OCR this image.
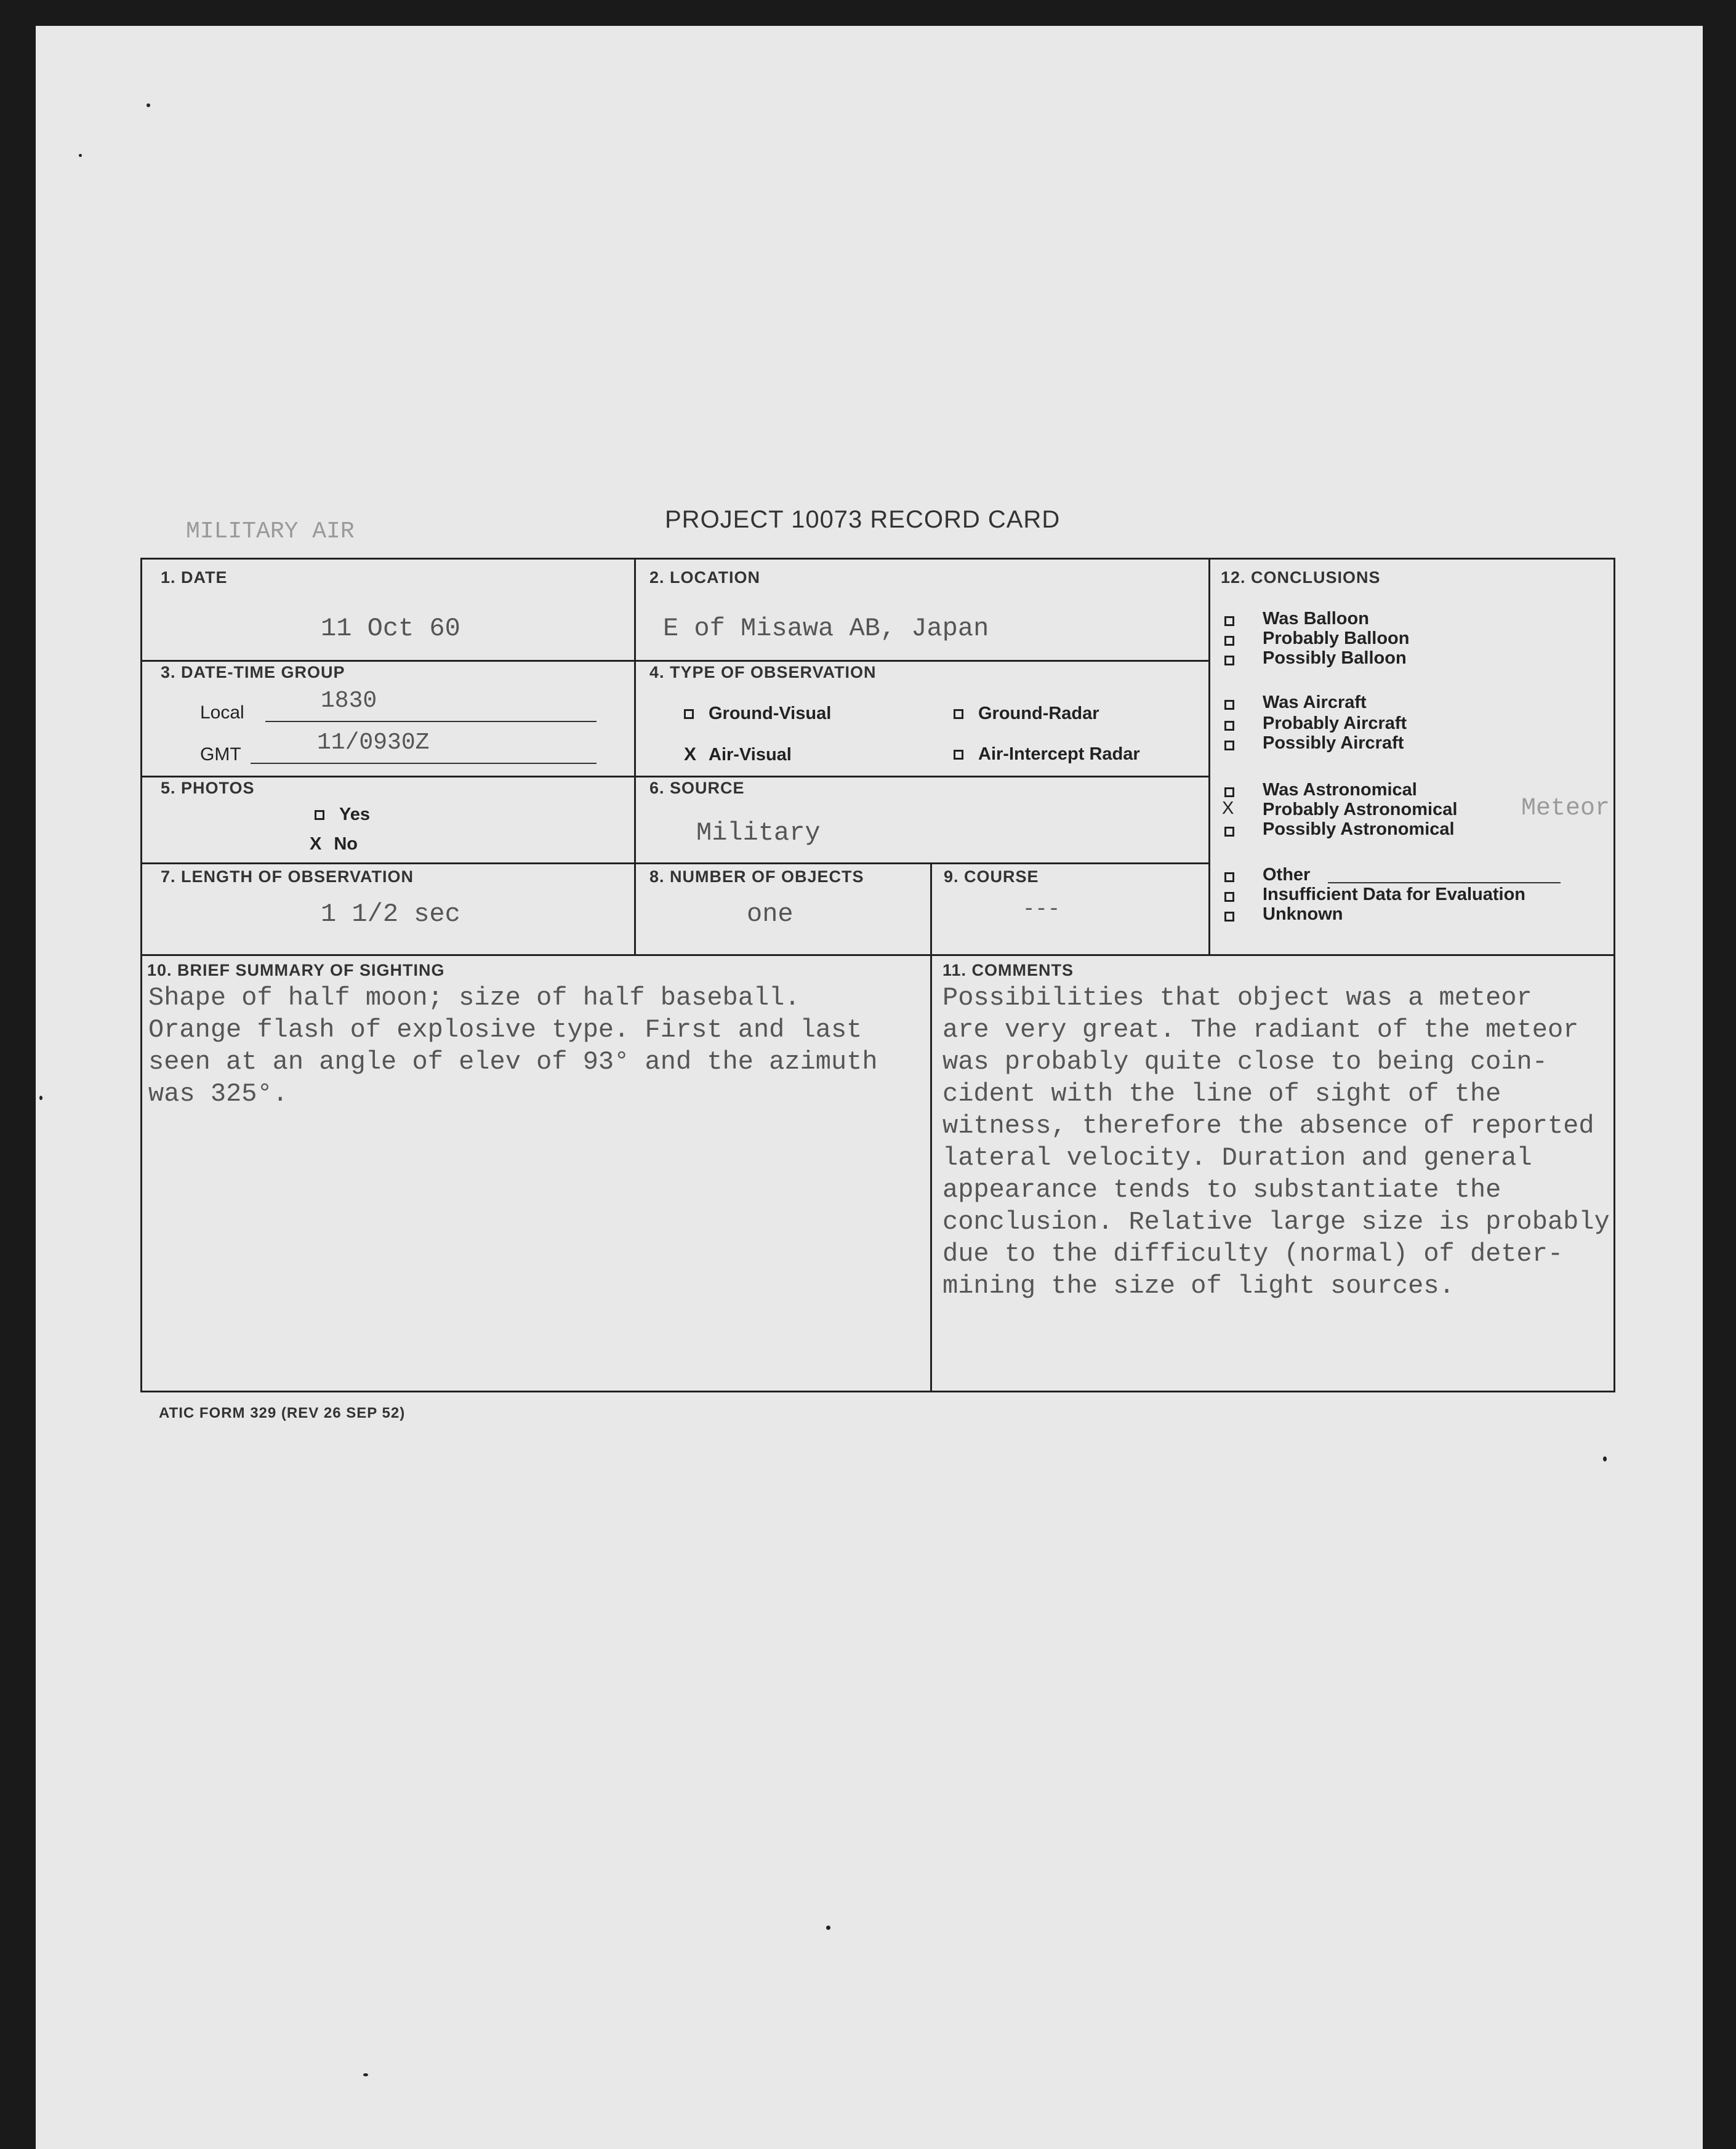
MILITARY AIR	PROJECT 10073 RECORD CARD
1. DATE
11 Oct 60
2. LOCATION
E of Misawa AB, Japan
3. DATE-TIME GROUP
Local	1830
GMT	11/0930Z
4. TYPE OF OBSERVATION
Ground-Visual	Ground-Radar
X Air-Visual	Air-Intercept Radar
5. PHOTOS
Yes
X No
6. SOURCE
Military
7. LENGTH OF OBSERVATION
1 1/2 sec
8. NUMBER OF OBJECTS
one
9. COURSE
---
12. CONCLUSIONS
Was Balloon
Probably Balloon
Possibly Balloon
Was Aircraft
Probably Aircraft
Possibly Aircraft
Was Astronomical
X Probably Astronomical	Meteor
Possibly Astronomical
Other
Insufficient Data for Evaluation
Unknown
10. BRIEF SUMMARY OF SIGHTING
Shape of half moon; size of half baseball.
Orange flash of explosive type. First and last
seen at an angle of elev of 93° and the azimuth
was 325°.
11. COMMENTS
Possibilities that object was a meteor
are very great. The radiant of the meteor
was probably quite close to being coin-
cident with the line of sight of the
witness, therefore the absence of reported
lateral velocity. Duration and general
appearance tends to substantiate the
conclusion. Relative large size is probably
due to the difficulty (normal) of deter-
mining the size of light sources.
ATIC FORM 329 (REV 26 SEP 52)
